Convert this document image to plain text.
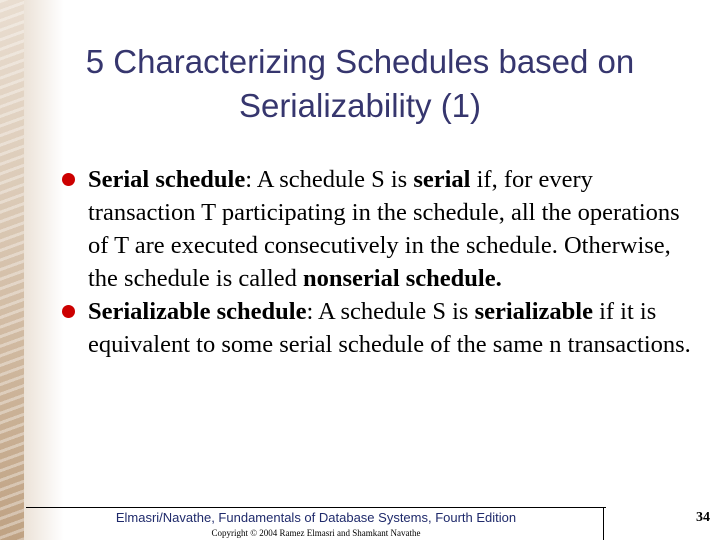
5 Characterizing Schedules based on
Serializability (1)

Serial schedule: A schedule S is serial if, for every transaction T participating in the schedule, all the operations of T are executed consecutively in the schedule. Otherwise, the schedule is called nonserial schedule.

Serializable schedule: A schedule S is serializable if it is equivalent to some serial schedule of the same n transactions.

Elmasri/Navathe, Fundamentals of Database Systems, Fourth Edition
Copyright © 2004 Ramez Elmasri and Shamkant Navathe
34
